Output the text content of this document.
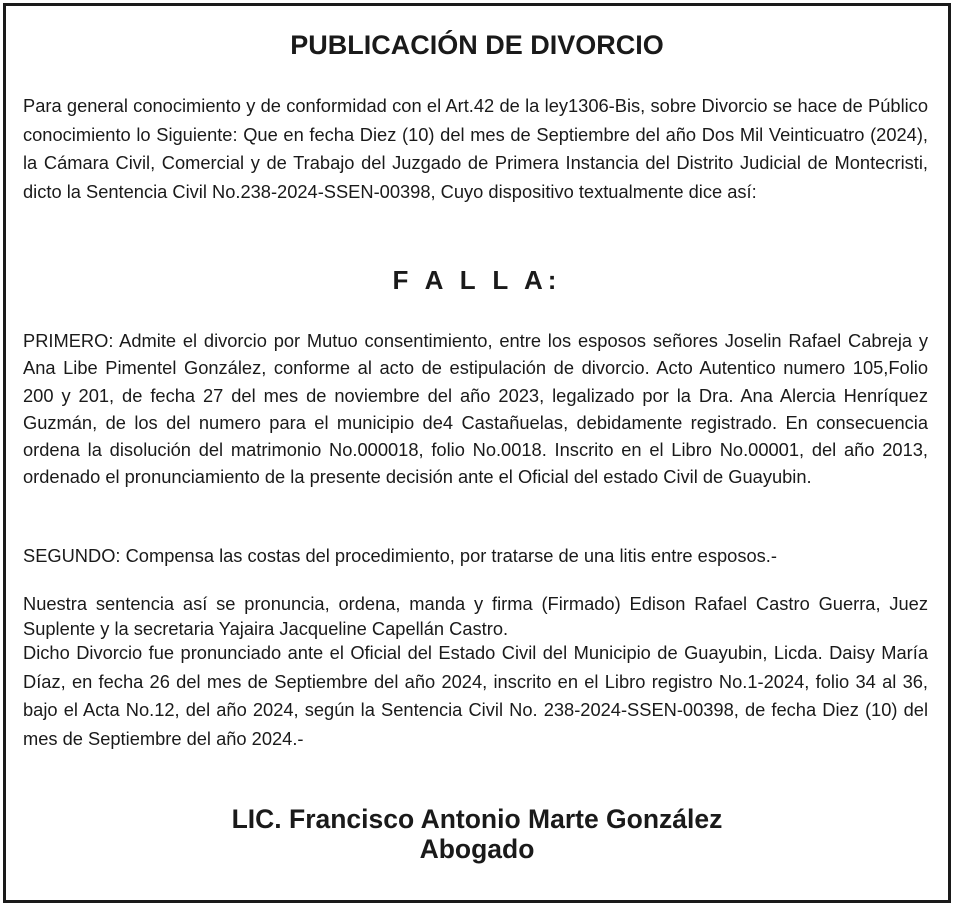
PUBLICACIÓN DE DIVORCIO
Para general conocimiento y de conformidad con el Art.42 de la ley1306-Bis, sobre Divorcio se hace de Público conocimiento lo Siguiente: Que en fecha Diez (10) del mes de Septiembre del año Dos Mil Veinticuatro (2024), la Cámara Civil, Comercial y de Trabajo del Juzgado de Primera Instancia del Distrito Judicial de Montecristi, dicto la Sentencia Civil No.238-2024-SSEN-00398, Cuyo dispositivo textualmente dice así:
F A L L A:
PRIMERO: Admite el divorcio por Mutuo consentimiento, entre los esposos señores Joselin Rafael Cabreja y Ana Libe Pimentel González, conforme al acto de estipulación de divorcio. Acto Autentico numero 105,Folio 200 y 201, de fecha 27 del mes de noviembre del año 2023, legalizado por la Dra. Ana Alercia Henríquez Guzmán, de los del numero para el municipio de4 Castañuelas, debidamente registrado. En consecuencia ordena la disolución del matrimonio No.000018, folio No.0018. Inscrito en el Libro No.00001, del año 2013, ordenado el pronunciamiento de la presente decisión ante el Oficial del estado Civil de Guayubin.
SEGUNDO: Compensa las costas del procedimiento, por tratarse de una litis entre esposos.-
Nuestra sentencia así se pronuncia, ordena, manda y firma (Firmado) Edison Rafael Castro Guerra, Juez Suplente y la secretaria Yajaira Jacqueline Capellán Castro.
Dicho Divorcio fue pronunciado ante el Oficial del Estado Civil del Municipio de Guayubin, Licda. Daisy María Díaz, en fecha 26 del mes de Septiembre del año 2024, inscrito en el Libro registro No.1-2024, folio 34 al 36, bajo el Acta No.12, del año 2024, según la Sentencia Civil No. 238-2024-SSEN-00398, de fecha Diez (10) del mes de Septiembre del año 2024.-
LIC. Francisco Antonio Marte González
Abogado
